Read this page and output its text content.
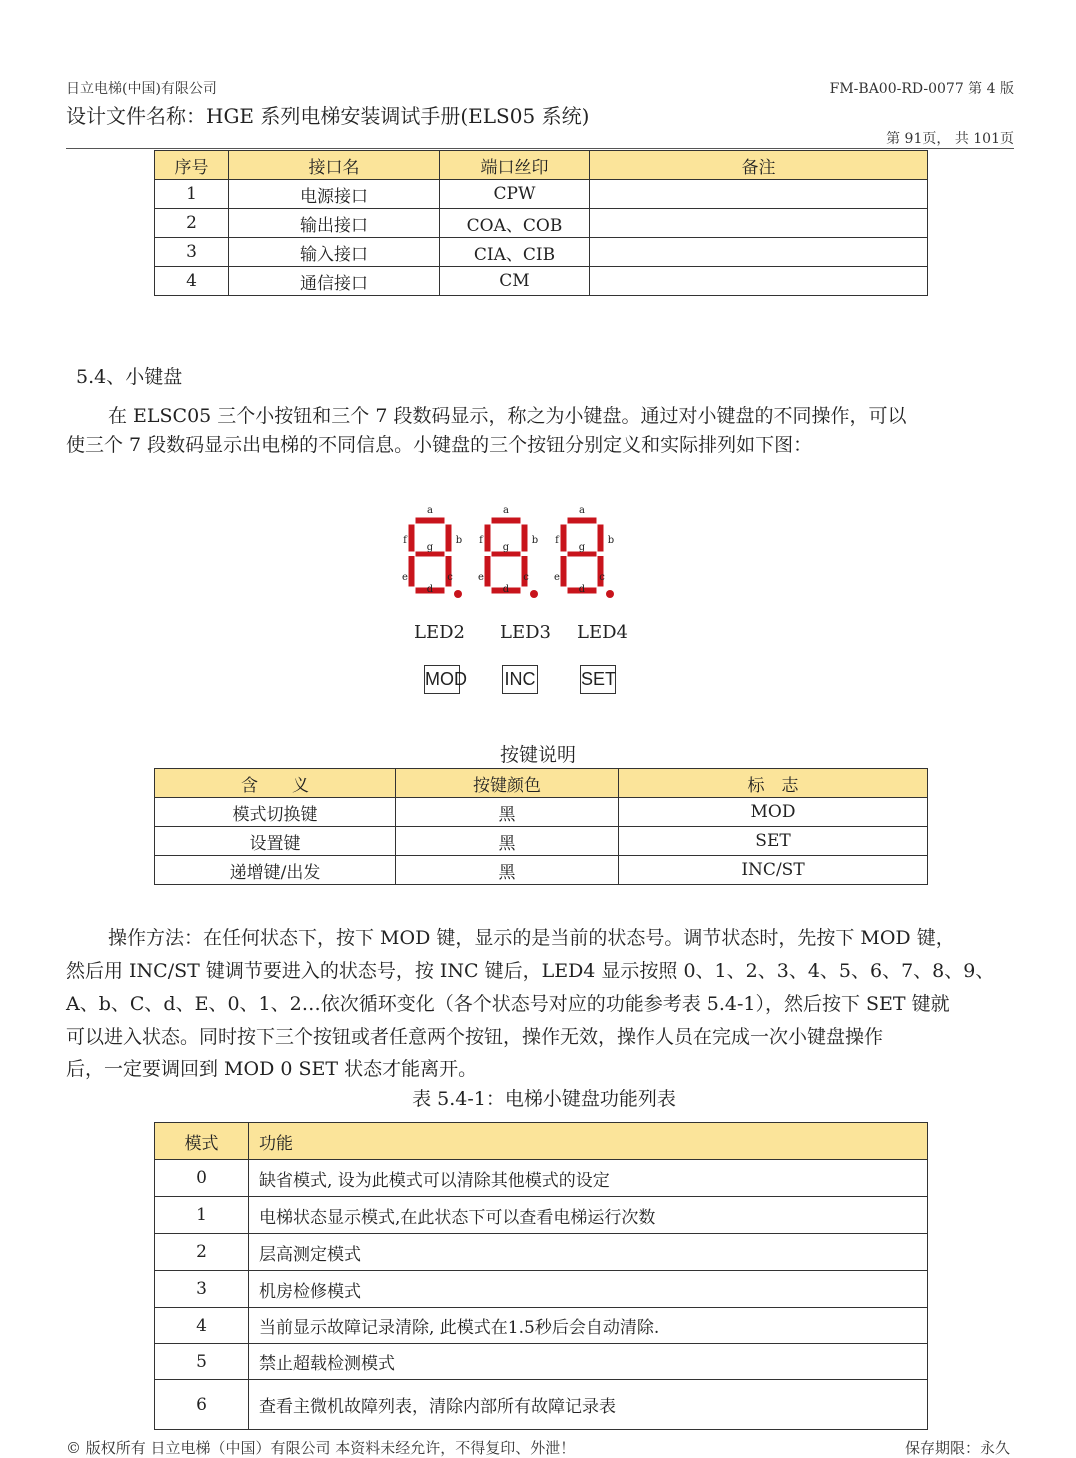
日立电梯(中国)有限公司	FM-BA00-RD-0077 第 4 版
设计文件名称：HGE 系列电梯安装调试手册(ELS05 系统)
第 91页， 共 101页
序号	接口名	端口丝印	备注
1	电源接口	CPW	
2	输出接口	COA、COB	
3	输入接口	CIA、CIB	
4	通信接口	CM	
5.4、小键盘
在 ELSC05 三个小按钮和三个 7 段数码显示，称之为小键盘。通过对小键盘的不同操作，可以
使三个 7 段数码显示出电梯的不同信息。小键盘的三个按钮分别定义和实际排列如下图：
a
b
c
d
e
f
g
a
b
c
d
e
f
g
a
b
c
d
e
f
g
LED2 LED3 LED4
MOD INC	SET
按键说明
含　　义	按键颜色	标　志
模式切换键	黑	MOD
设置键	黑	SET
递增键/出发	黑	INC/ST
操作方法：在任何状态下，按下 MOD 键，显示的是当前的状态号。调节状态时，先按下 MOD 键，
然后用 INC/ST 键调节要进入的状态号，按 INC 键后，LED4 显示按照 0、1、2、3、4、5、6、7、8、9、
A、b、C、d、E、0、1、2…依次循环变化（各个状态号对应的功能参考表 5.4-1），然后按下 SET 键就
可以进入状态。同时按下三个按钮或者任意两个按钮，操作无效，操作人员在完成一次小键盘操作
后，一定要调回到 MOD 0 SET 状态才能离开。
表 5.4-1：电梯小键盘功能列表
模式	功能
0	缺省模式, 设为此模式可以清除其他模式的设定
1	电梯状态显示模式,在此状态下可以查看电梯运行次数
2	层高测定模式
3	机房检修模式
4	当前显示故障记录清除, 此模式在1.5秒后会自动清除.
5	禁止超载检测模式
6	查看主微机故障列表，清除内部所有故障记录表
© 版权所有 日立电梯（中国）有限公司 本资料未经允许，不得复印、外泄！	保存期限：永久
